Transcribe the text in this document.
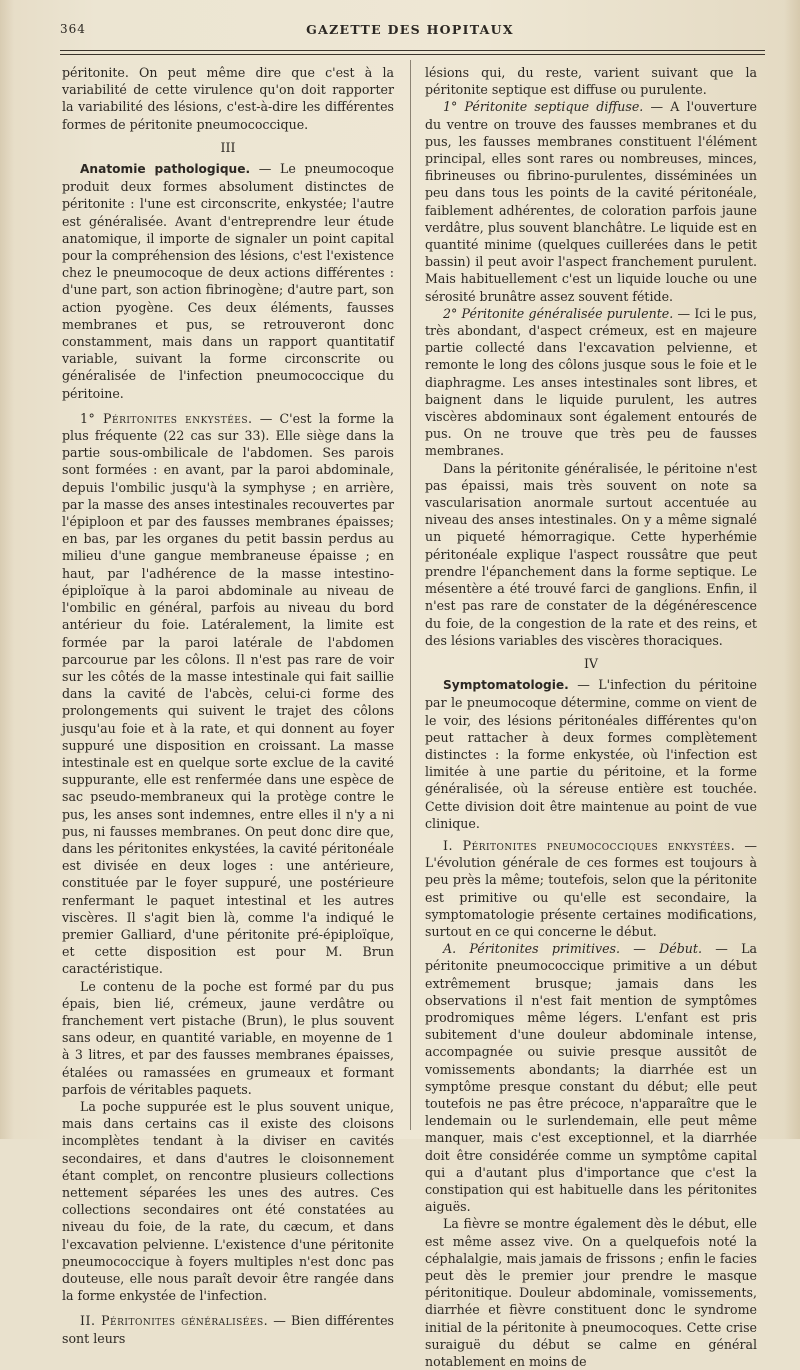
364	GAZETTE DES HOPITAUX

péritonite. On peut même dire que c'est à la variabilité de cette virulence qu'on doit rapporter la variabilité des lésions, c'est-à-dire les différentes formes de péritonite pneumococcique.

III

Anatomie pathologique. — Le pneumocoque produit deux formes absolument distinctes de péritonite : l'une est circonscrite, enkystée; l'autre est généralisée. Avant d'entreprendre leur étude anatomique, il importe de signaler un point capital pour la compréhension des lésions, c'est l'existence chez le pneumocoque de deux actions différentes : d'une part, son action fibrinogène; d'autre part, son action pyogène. Ces deux éléments, fausses membranes et pus, se retrouveront donc constamment, mais dans un rapport quantitatif variable, suivant la forme circonscrite ou généralisée de l'infection pneumococcique du péritoine.

1° Péritonites enkystées. — C'est la forme la plus fréquente (22 cas sur 33). Elle siège dans la partie sous-ombilicale de l'abdomen. Ses parois sont formées : en avant, par la paroi abdominale, depuis l'ombilic jusqu'à la symphyse ; en arrière, par la masse des anses intestinales recouvertes par l'épiploon et par des fausses membranes épaisses; en bas, par les organes du petit bassin perdus au milieu d'une gangue membraneuse épaisse ; en haut, par l'adhérence de la masse intestino-épiploïque à la paroi abdominale au niveau de l'ombilic en général, parfois au niveau du bord antérieur du foie. Latéralement, la limite est formée par la paroi latérale de l'abdomen parcourue par les côlons. Il n'est pas rare de voir sur les côtés de la masse intestinale qui fait saillie dans la cavité de l'abcès, celui-ci forme des prolongements qui suivent le trajet des côlons jusqu'au foie et à la rate, et qui donnent au foyer suppuré une disposition en croissant. La masse intestinale est en quelque sorte exclue de la cavité suppurante, elle est renfermée dans une espèce de sac pseudo-membraneux qui la protège contre le pus, les anses sont indemnes, entre elles il n'y a ni pus, ni fausses membranes. On peut donc dire que, dans les péritonites enkystées, la cavité péritonéale est divisée en deux loges : une antérieure, constituée par le foyer suppuré, une postérieure renfermant le paquet intestinal et les autres viscères. Il s'agit bien là, comme l'a indiqué le premier Galliard, d'une péritonite pré-épiploïque, et cette disposition est pour M. Brun caractéristique.

Le contenu de la poche est formé par du pus épais, bien lié, crémeux, jaune verdâtre ou franchement vert pistache (Brun), le plus souvent sans odeur, en quantité variable, en moyenne de 1 à 3 litres, et par des fausses membranes épaisses, étalées ou ramassées en grumeaux et formant parfois de véritables paquets.

La poche suppurée est le plus souvent unique, mais dans certains cas il existe des cloisons incomplètes tendant à la diviser en cavités secondaires, et dans d'autres le cloisonnement étant complet, on rencontre plusieurs collections nettement séparées les unes des autres. Ces collections secondaires ont été constatées au niveau du foie, de la rate, du cæcum, et dans l'excavation pelvienne. L'existence d'une péritonite pneumococcique à foyers multiples n'est donc pas douteuse, elle nous paraît devoir être rangée dans la forme enkystée de l'infection.

II. Péritonites généralisées. — Bien différentes sont leurs

lésions qui, du reste, varient suivant que la péritonite septique est diffuse ou purulente.

1° Péritonite septique diffuse. — A l'ouverture du ventre on trouve des fausses membranes et du pus, les fausses membranes constituent l'élément principal, elles sont rares ou nombreuses, minces, fibrineuses ou fibrino-purulentes, disséminées un peu dans tous les points de la cavité péritonéale, faiblement adhérentes, de coloration parfois jaune verdâtre, plus souvent blanchâtre. Le liquide est en quantité minime (quelques cuillerées dans le petit bassin) il peut avoir l'aspect franchement purulent. Mais habituellement c'est un liquide louche ou une sérosité brunâtre assez souvent fétide.

2° Péritonite généralisée purulente. — Ici le pus, très abondant, d'aspect crémeux, est en majeure partie collecté dans l'excavation pelvienne, et remonte le long des côlons jusque sous le foie et le diaphragme. Les anses intestinales sont libres, et baignent dans le liquide purulent, les autres viscères abdominaux sont également entourés de pus. On ne trouve que très peu de fausses membranes.

Dans la péritonite généralisée, le péritoine n'est pas épaissi, mais très souvent on note sa vascularisation anormale surtout accentuée au niveau des anses intestinales. On y a même signalé un piqueté hémorragique. Cette hyperhémie péritonéale explique l'aspect roussâtre que peut prendre l'épanchement dans la forme septique. Le mésentère a été trouvé farci de ganglions. Enfin, il n'est pas rare de constater de la dégénérescence du foie, de la congestion de la rate et des reins, et des lésions variables des viscères thoraciques.

IV

Symptomatologie. — L'infection du péritoine par le pneumocoque détermine, comme on vient de le voir, des lésions péritonéales différentes qu'on peut rattacher à deux formes complètement distinctes : la forme enkystée, où l'infection est limitée à une partie du péritoine, et la forme généralisée, où la séreuse entière est touchée. Cette division doit être maintenue au point de vue clinique.

I. Péritonites pneumococciques enkystées. — L'évolution générale de ces formes est toujours à peu près la même; toutefois, selon que la péritonite est primitive ou qu'elle est secondaire, la symptomatologie présente certaines modifications, surtout en ce qui concerne le début.

A. Péritonites primitives. — Début. — La péritonite pneumococcique primitive a un début extrêmement brusque; jamais dans les observations il n'est fait mention de symptômes prodromiques même légers. L'enfant est pris subitement d'une douleur abdominale intense, accompagnée ou suivie presque aussitôt de vomissements abondants; la diarrhée est un symptôme presque constant du début; elle peut toutefois ne pas être précoce, n'apparaître que le lendemain ou le surlendemain, elle peut même manquer, mais c'est exceptionnel, et la diarrhée doit être considérée comme un symptôme capital qui a d'autant plus d'importance que c'est la constipation qui est habituelle dans les péritonites aiguës.

La fièvre se montre également dès le début, elle est même assez vive. On a quelquefois noté la céphalalgie, mais jamais de frissons ; enfin le facies peut dès le premier jour prendre le masque péritonitique. Douleur abdominale, vomissements, diarrhée et fièvre constituent donc le syndrome initial de la péritonite à pneumocoques. Cette crise suraiguë du début se calme en général notablement en moins de
